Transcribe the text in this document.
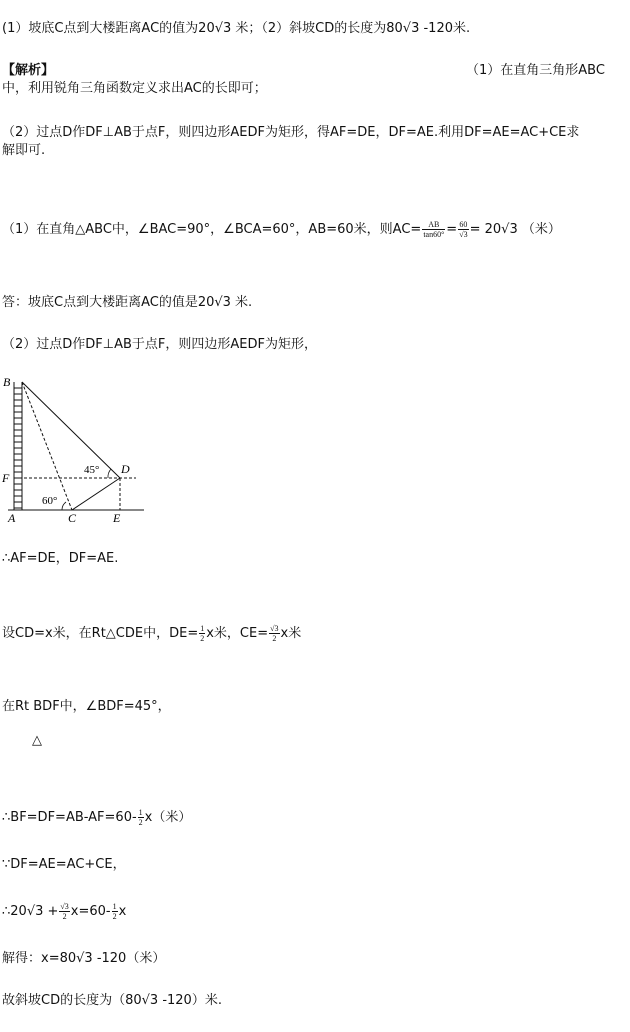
(1）坡底C点到大楼距离AC的值为20√3 米；（2）斜坡CD的长度为80√3 -120米.
【解析】	（1）在直角三角形ABC
中，利用锐角三角函数定义求出AC的长即可；
（2）过点D作DF⊥AB于点F，则四边形AEDF为矩形，得AF=DE，DF=AE.利用DF=AE=AC+CE求
解即可.
（1）在直角△ABC中，∠BAC=90°，∠BCA=60°，AB=60米，则$AC= \frac{AB}{\tan 60^\circ} = \frac{60}{√3} = 20√3$ （米）
答：坡底C点到大楼距离AC的值是20√3 米.
（2）过点D作DF⊥AB于点F，则四边形AEDF为矩形，
B
F
A	C	E
D
45°
60°
∴AF=DE，DF=AE.
设CD=x米，在Rt△CDE中，$DE= \frac{1}{2}$ x米，$CE= \frac{√3}{2}$ x米
在Rt BDF中，∠BDF=45°，
△
∴BF=DF=AB-AF=60- $\frac{1}{2} x$（米）
∵DF=AE=AC+CE，
∴20√3 + $\frac{√3}{2} x=60- \frac{1}{2}$ x
解得：x=80√3 -120（米）
故斜坡CD的长度为（80√3 -120）米.
